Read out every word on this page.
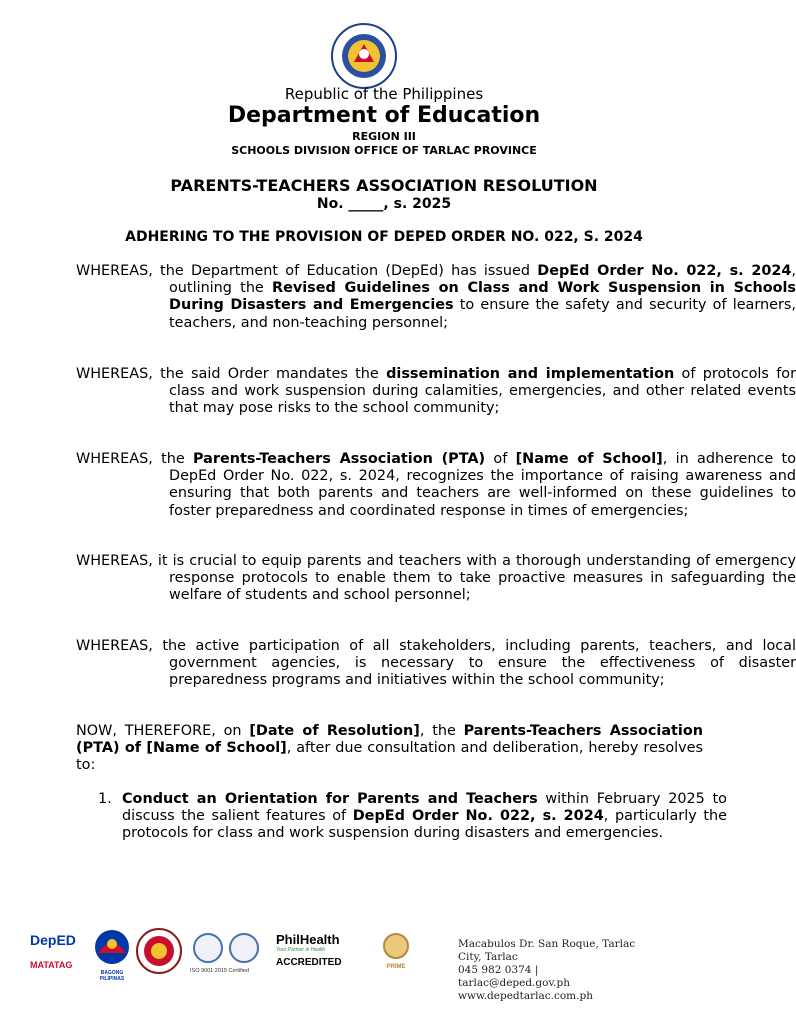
Republic of the Philippines
Department of Education
REGION III
SCHOOLS DIVISION OFFICE OF TARLAC PROVINCE
PARENTS-TEACHERS ASSOCIATION RESOLUTION
No. _____, s. 2025
ADHERING TO THE PROVISION OF DEPED ORDER NO. 022, S. 2024
WHEREAS, the Department of Education (DepEd) has issued DepEd Order No. 022, s. 2024, outlining the Revised Guidelines on Class and Work Suspension in Schools During Disasters and Emergencies to ensure the safety and security of learners, teachers, and non-teaching personnel;
WHEREAS, the said Order mandates the dissemination and implementation of protocols for class and work suspension during calamities, emergencies, and other related events that may pose risks to the school community;
WHEREAS, the Parents-Teachers Association (PTA) of [Name of School], in adherence to DepEd Order No. 022, s. 2024, recognizes the importance of raising awareness and ensuring that both parents and teachers are well-informed on these guidelines to foster preparedness and coordinated response in times of emergencies;
WHEREAS, it is crucial to equip parents and teachers with a thorough understanding of emergency response protocols to enable them to take proactive measures in safeguarding the welfare of students and school personnel;
WHEREAS, the active participation of all stakeholders, including parents, teachers, and local government agencies, is necessary to ensure the effectiveness of disaster preparedness programs and initiatives within the school community;
NOW, THEREFORE, on [Date of Resolution], the Parents-Teachers Association (PTA) of [Name of School], after due consultation and deliberation, hereby resolves to:
1. Conduct an Orientation for Parents and Teachers within February 2025 to discuss the salient features of DepEd Order No. 022, s. 2024, particularly the protocols for class and work suspension during disasters and emergencies.
DepED
MATATAG
BAGONG PILIPINAS
ISO 9001:2015 Certified
PhilHealth
Your Partner in Health
ACCREDITED	PRIME
Macabulos Dr. San Roque, Tarlac City, Tarlac
045 982 0374 | tarlac@deped.gov.ph
www.depedtarlac.com.ph
